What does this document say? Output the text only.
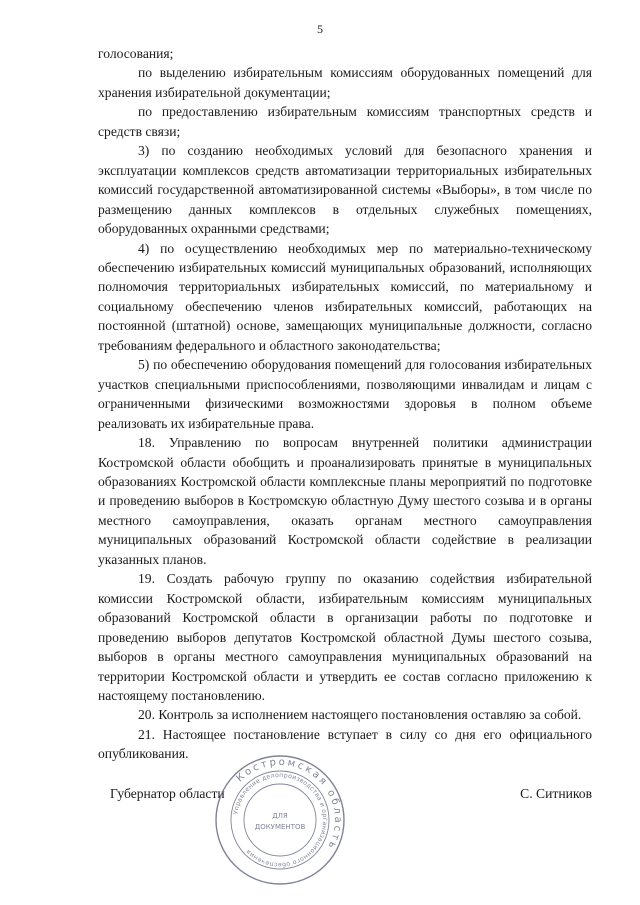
5

голосования;

по выделению избирательным комиссиям оборудованных помещений для хранения избирательной документации;

по предоставлению избирательным комиссиям транспортных средств и средств связи;

3) по созданию необходимых условий для безопасного хранения и эксплуатации комплексов средств автоматизации территориальных избирательных комиссий государственной автоматизированной системы «Выборы», в том числе по размещению данных комплексов в отдельных служебных помещениях, оборудованных охранными средствами;

4) по осуществлению необходимых мер по материально-техническому обеспечению избирательных комиссий муниципальных образований, исполняющих полномочия территориальных избирательных комиссий, по материальному и социальному обеспечению членов избирательных комиссий, работающих на постоянной (штатной) основе, замещающих муниципальные должности, согласно требованиям федерального и областного законодательства;

5) по обеспечению оборудования помещений для голосования избирательных участков специальными приспособлениями, позволяющими инвалидам и лицам с ограниченными физическими возможностями здоровья в полном объеме реализовать их избирательные права.

18. Управлению по вопросам внутренней политики администрации Костромской области обобщить и проанализировать принятые в муниципальных образованиях Костромской области комплексные планы мероприятий по подготовке и проведению выборов в Костромскую областную Думу шестого созыва и в органы местного самоуправления, оказать органам местного самоуправления муниципальных образований Костромской области содействие в реализации указанных планов.

19. Создать рабочую группу по оказанию содействия избирательной комиссии Костромской области, избирательным комиссиям муниципальных образований Костромской области в организации работы по подготовке и проведению выборов депутатов Костромской областной Думы шестого созыва, выборов в органы местного самоуправления муниципальных образований на территории Костромской области и утвердить ее состав согласно приложению к настоящему постановлению.

20. Контроль за исполнением настоящего постановления оставляю за собой.

21. Настоящее постановление вступает в силу со дня его официального опубликования.

Губернатор области	С. Ситников
Костромская область
Управление делопроизводства и организационного обеспечения
ДЛЯ
ДОКУМЕНТОВ
